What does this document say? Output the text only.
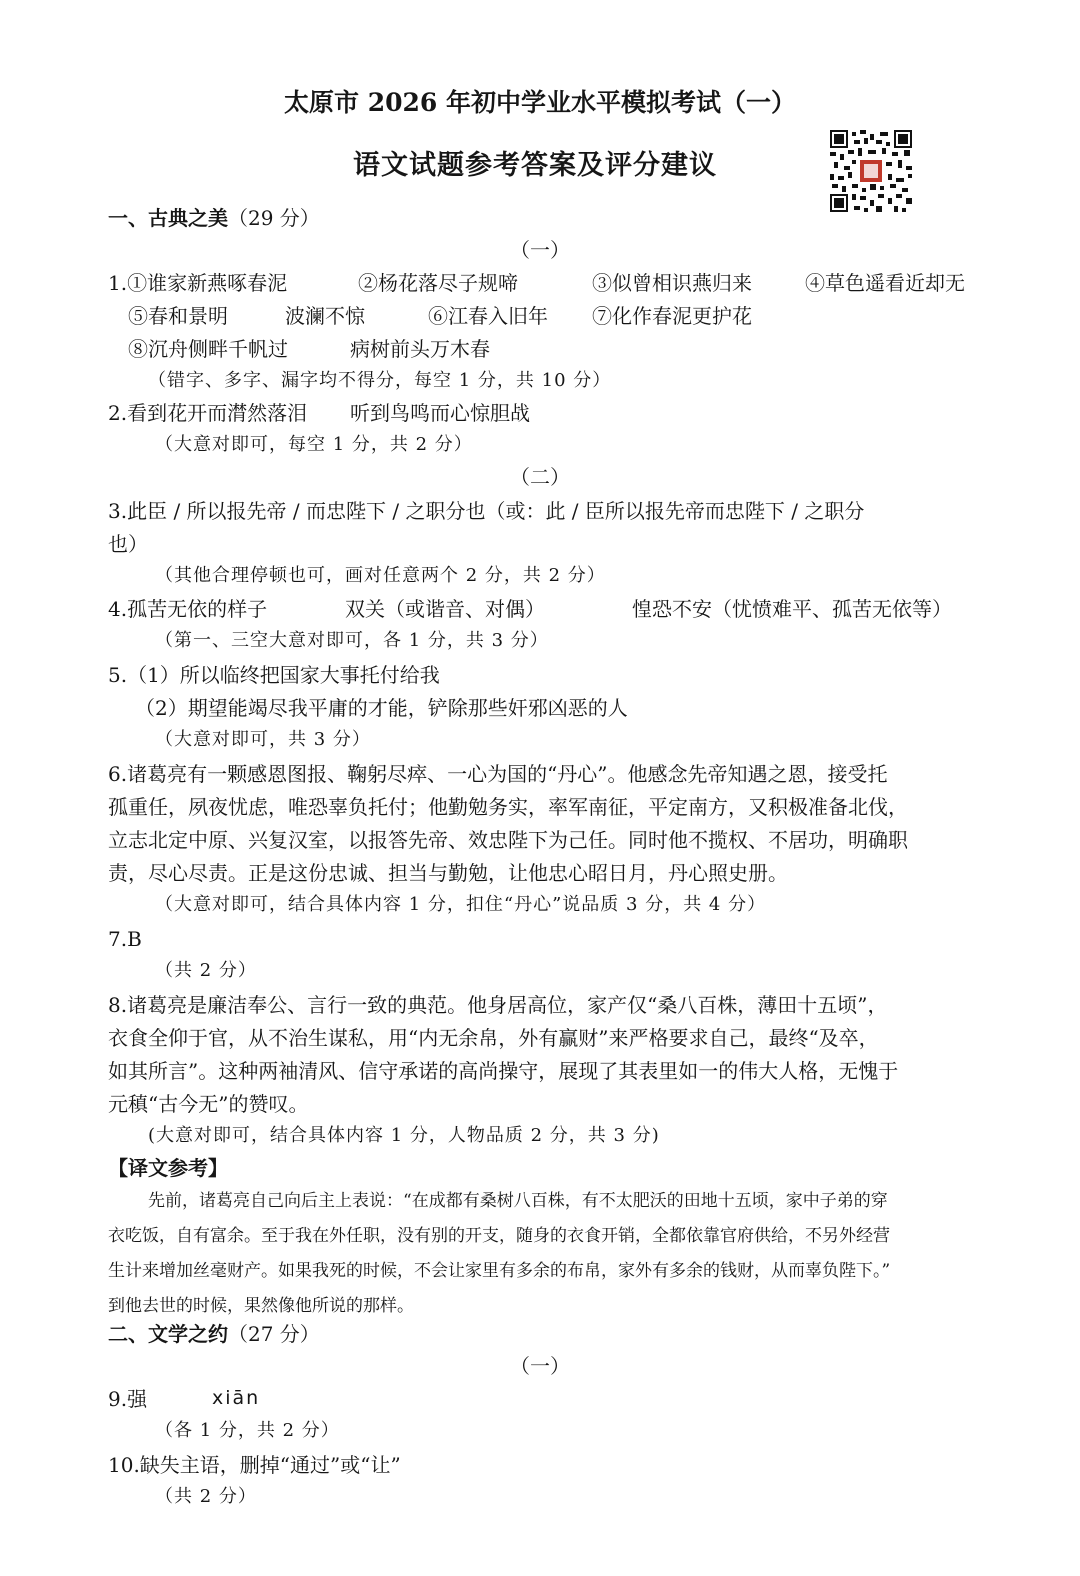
太原市 2026 年初中学业水平模拟考试（一）
语文试题参考答案及评分建议
一、古典之美（29 分）
（一）
1.①谁家新燕啄春泥	②杨花落尽子规啼	③似曾相识燕归来	④草色遥看近却无
⑤春和景明	波澜不惊	⑥江春入旧年 ⑦化作春泥更护花
⑧沉舟侧畔千帆过	病树前头万木春
（错字、多字、漏字均不得分，每空 1 分，共 10 分）
2.看到花开而潸然落泪 听到鸟鸣而心惊胆战
（大意对即可，每空 1 分，共 2 分）
（二）
3.此臣 / 所以报先帝 / 而忠陛下 / 之职分也（或：此 / 臣所以报先帝而忠陛下 / 之职分
也）
（其他合理停顿也可，画对任意两个 2 分，共 2 分）
4.孤苦无依的样子	双关（或谐音、对偶）	惶恐不安（忧愤难平、孤苦无依等）
（第一、三空大意对即可，各 1 分，共 3 分）
5.（1）所以临终把国家大事托付给我
（2）期望能竭尽我平庸的才能，铲除那些奸邪凶恶的人
（大意对即可，共 3 分）
6.诸葛亮有一颗感恩图报、鞠躬尽瘁、一心为国的“丹心”。他感念先帝知遇之恩，接受托
孤重任，夙夜忧虑，唯恐辜负托付；他勤勉务实，率军南征，平定南方，又积极准备北伐，
立志北定中原、兴复汉室，以报答先帝、效忠陛下为己任。同时他不揽权、不居功，明确职
责，尽心尽责。正是这份忠诚、担当与勤勉，让他忠心昭日月，丹心照史册。
（大意对即可，结合具体内容 1 分，扣住“丹心”说品质 3 分，共 4 分）
7.B
（共 2 分）
8.诸葛亮是廉洁奉公、言行一致的典范。他身居高位，家产仅“桑八百株，薄田十五顷”，
衣食全仰于官，从不治生谋私，用“内无余帛，外有赢财”来严格要求自己，最终“及卒，
如其所言”。这种两袖清风、信守承诺的高尚操守，展现了其表里如一的伟大人格，无愧于
元稹“古今无”的赞叹。
(大意对即可，结合具体内容 1 分，人物品质 2 分，共 3 分)
【译文参考】
先前，诸葛亮自己向后主上表说：“在成都有桑树八百株，有不太肥沃的田地十五顷，家中子弟的穿
衣吃饭，自有富余。至于我在外任职，没有别的开支，随身的衣食开销，全都依靠官府供给，不另外经营
生计来增加丝毫财产。如果我死的时候，不会让家里有多余的布帛，家外有多余的钱财，从而辜负陛下。”
到他去世的时候，果然像他所说的那样。
二、文学之约（27 分）
（一）
9.强	xiān
（各 1 分，共 2 分）
10.缺失主语，删掉“通过”或“让”
（共 2 分）
